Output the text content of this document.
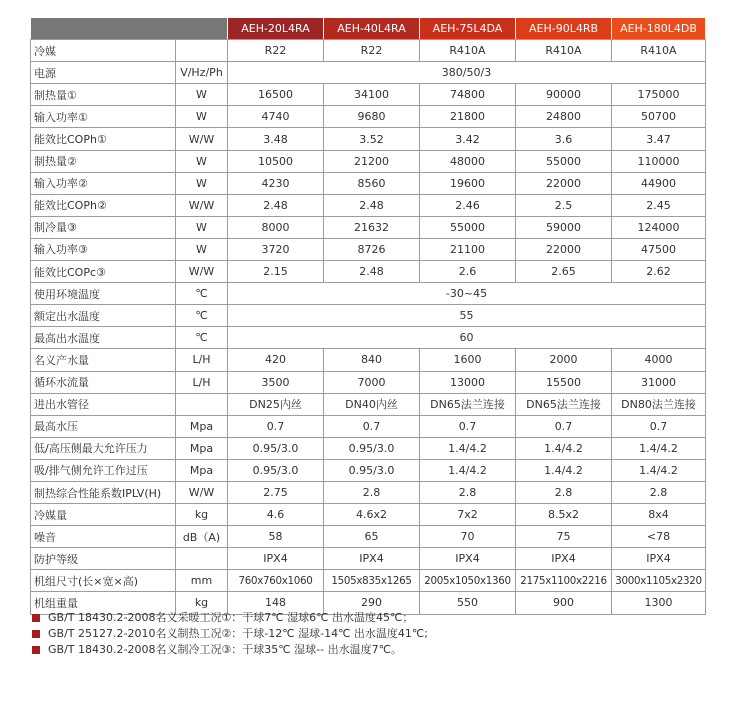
		AEH-20L4RA	AEH-40L4RA	AEH-75L4DA	AEH-90L4RB	AEH-180L4DB
冷媒		R22	R22	R410A	R410A	R410A
电源	V/Hz/Ph	380/50/3				
制热量①	W	16500	34100	74800	90000	175000
输入功率①	W	4740	9680	21800	24800	50700
能效比COPh①	W/W	3.48	3.52	3.42	3.6	3.47
制热量②	W	10500	21200	48000	55000	110000
输入功率②	W	4230	8560	19600	22000	44900
能效比COPh②	W/W	2.48	2.48	2.46	2.5	2.45
制冷量③	W	8000	21632	55000	59000	124000
输入功率③	W	3720	8726	21100	22000	47500
能效比COPc③	W/W	2.15	2.48	2.6	2.65	2.62
使用环境温度	℃	-30~45				
额定出水温度	℃	55				
最高出水温度	℃	60				
名义产水量	L/H	420	840	1600	2000	4000
循环水流量	L/H	3500	7000	13000	15500	31000
进出水管径		DN25内丝	DN40内丝	DN65法兰连接	DN65法兰连接	DN80法兰连接
最高水压	Mpa	0.7	0.7	0.7	0.7	0.7
低/高压侧最大允许压力	Mpa	0.95/3.0	0.95/3.0	1.4/4.2	1.4/4.2	1.4/4.2
吸/排气侧允许工作过压	Mpa	0.95/3.0	0.95/3.0	1.4/4.2	1.4/4.2	1.4/4.2
制热综合性能系数IPLV(H)	W/W	2.75	2.8	2.8	2.8	2.8
冷媒量	kg	4.6	4.6x2	7x2	8.5x2	8x4
噪音	dB（A)	58	65	70	75	<78
防护等级		IPX4	IPX4	IPX4	IPX4	IPX4
机组尺寸(长×宽×高)	mm	760x760x1060	1505x835x1265	2005x1050x1360	2175x1100x2216	3000x1105x2320
机组重量	kg	148	290	550	900	1300
GB/T 18430.2-2008名义采暖工况①：干球7℃ 湿球6℃ 出水温度45℃；
GB/T 25127.2-2010名义制热工况②：干球-12℃ 湿球-14℃ 出水温度41℃;
GB/T 18430.2-2008名义制冷工况③：干球35℃ 湿球-- 出水温度7℃。
